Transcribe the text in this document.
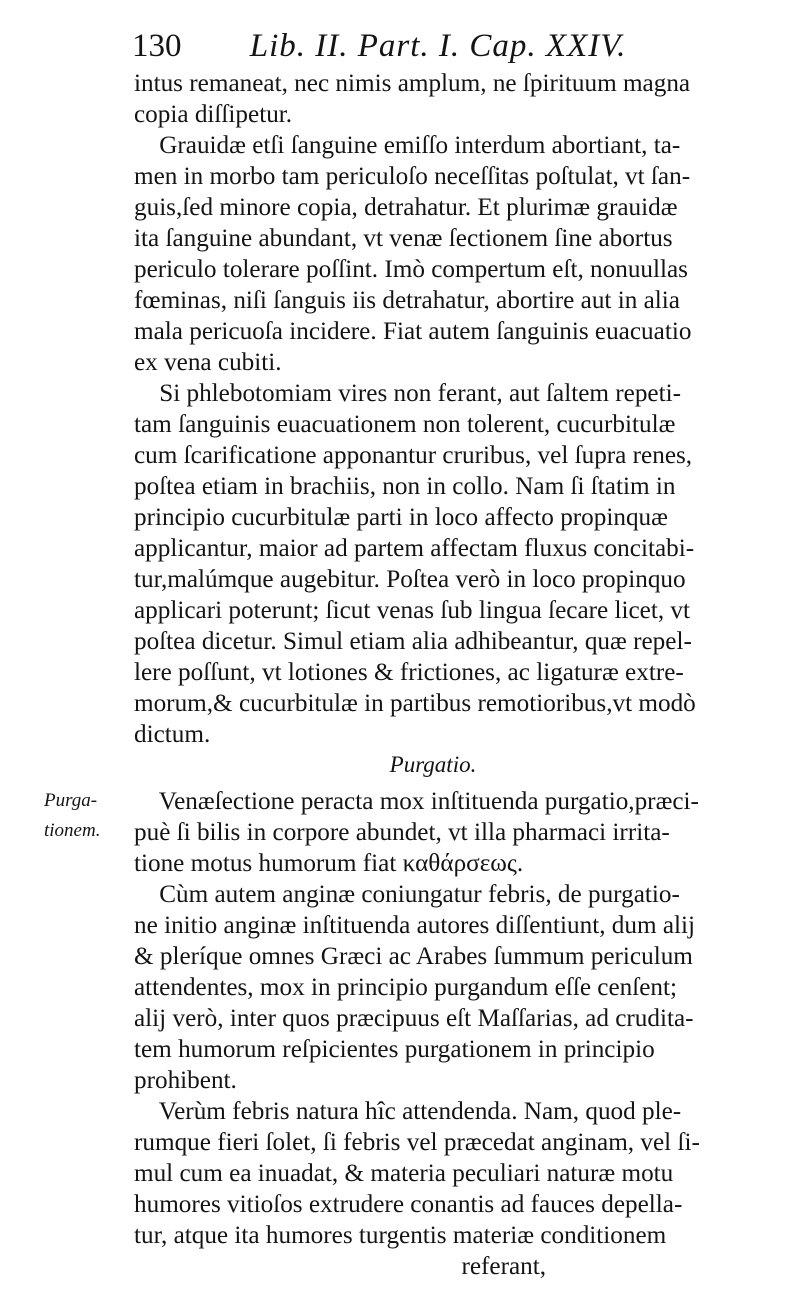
130 Lib. II. Part. I. Cap. XXIV.
intus remaneat, nec nimis amplum, ne ſpirituum magna
copia diſſipetur.
Grauidæ etſi ſanguine emiſſo interdum abortiant, ta-
men in morbo tam periculoſo neceſſitas poſtulat, vt ſan-
guis,ſed minore copia, detrahatur. Et plurimæ grauidæ
ita ſanguine abundant, vt venæ ſectionem ſine abortus
periculo tolerare poſſint. Imò compertum eſt, nonuullas
fœminas, niſi ſanguis iis detrahatur, abortire aut in alia
mala pericuoſa incidere. Fiat autem ſanguinis euacuatio
ex vena cubiti.
Si phlebotomiam vires non ferant, aut ſaltem repeti-
tam ſanguinis euacuationem non tolerent, cucurbitulæ
cum ſcarificatione apponantur cruribus, vel ſupra renes,
poſtea etiam in brachiis, non in collo. Nam ſi ſtatim in
principio cucurbitulæ parti in loco affecto propinquæ
applicantur, maior ad partem affectam fluxus concitabi-
tur,malúmque augebitur. Poſtea verò in loco propinquo
applicari poterunt; ſicut venas ſub lingua ſecare licet, vt
poſtea dicetur. Simul etiam alia adhibeantur, quæ repel-
lere poſſunt, vt lotiones & frictiones, ac ligaturæ extre-
morum,& cucurbitulæ in partibus remotioribus,vt modò
dictum.
Purgatio.
Purga-
tionem.
Venæſectione peracta mox inſtituenda purgatio,præci-
puè ſi bilis in corpore abundet, vt illa pharmaci irrita-
tione motus humorum fiat καθάρσεως.
Cùm autem anginæ coniungatur febris, de purgatio-
ne initio anginæ inſtituenda autores diſſentiunt, dum alij
& pleríque omnes Græci ac Arabes ſummum periculum
attendentes, mox in principio purgandum eſſe cenſent;
alij verò, inter quos præcipuus eſt Maſſarias, ad crudita-
tem humorum reſpicientes purgationem in principio
prohibent.
Verùm febris natura hîc attendenda. Nam, quod ple-
rumque fieri ſolet, ſi febris vel præcedat anginam, vel ſi-
mul cum ea inuadat, & materia peculiari naturæ motu
humores vitioſos extrudere conantis ad fauces depella-
tur, atque ita humores turgentis materiæ conditionem
referant,
